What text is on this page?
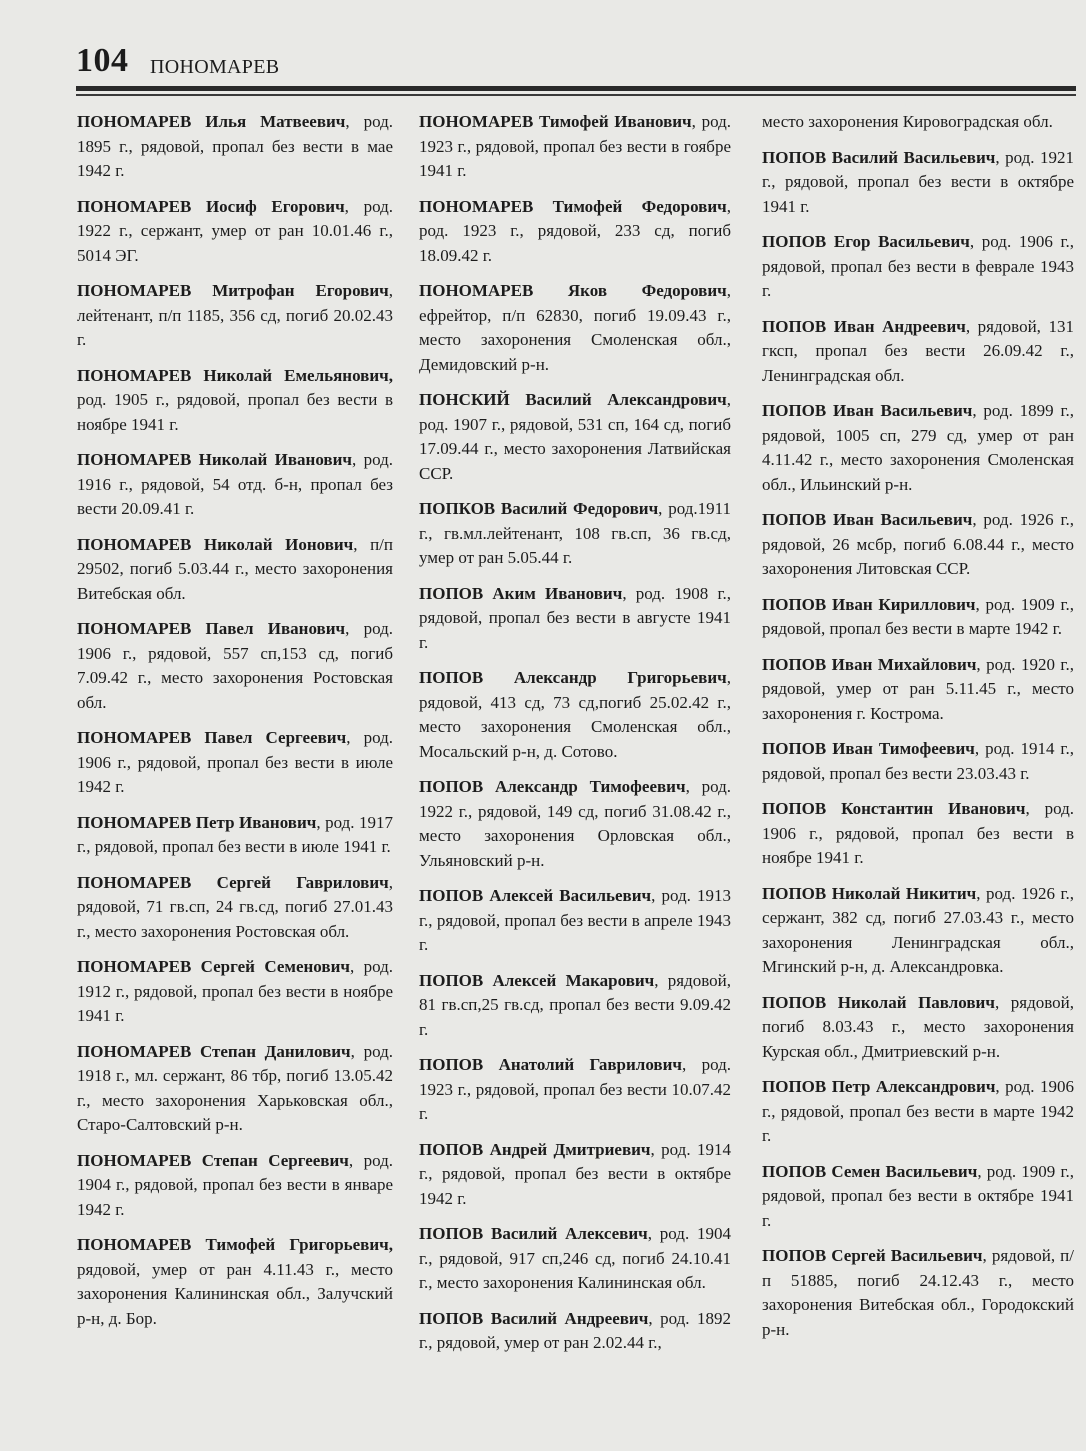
104 ПОНОМАРЕВ

ПОНОМАРЕВ Илья Матвеевич, род. 1895 г., рядовой, пропал без вести в мае 1942 г.

ПОНОМАРЕВ Иосиф Егорович, род. 1922 г., сержант, умер от ран 10.01.46 г., 5014 ЭГ.

ПОНОМАРЕВ Митрофан Егорович, лейтенант, п/п 1185, 356 сд, погиб 20.02.43 г.

ПОНОМАРЕВ Николай Емельянович, род. 1905 г., рядовой, пропал без вести в ноябре 1941 г.

ПОНОМАРЕВ Николай Иванович, род. 1916 г., рядовой, 54 отд. б-н, пропал без вести 20.09.41 г.

ПОНОМАРЕВ Николай Ионович, п/п 29502, погиб 5.03.44 г., место захоронения Витебская обл.

ПОНОМАРЕВ Павел Иванович, род. 1906 г., рядовой, 557 сп,153 сд, погиб 7.09.42 г., место захоронения Ростовская обл.

ПОНОМАРЕВ Павел Сергеевич, род. 1906 г., рядовой, пропал без вести в июле 1942 г.

ПОНОМАРЕВ Петр Иванович, род. 1917 г., рядовой, пропал без вести в июле 1941 г.

ПОНОМАРЕВ Сергей Гаврилович, рядовой, 71 гв.сп, 24 гв.сд, погиб 27.01.43 г., место захоронения Ростовская обл.

ПОНОМАРЕВ Сергей Семенович, род. 1912 г., рядовой, пропал без вести в ноябре 1941 г.

ПОНОМАРЕВ Степан Данилович, род. 1918 г., мл. сержант, 86 тбр, погиб 13.05.42 г., место захоронения Харьковская обл., Старо-Салтовский р-н.

ПОНОМАРЕВ Степан Сергеевич, род. 1904 г., рядовой, пропал без вести в январе 1942 г.

ПОНОМАРЕВ Тимофей Григорьевич, рядовой, умер от ран 4.11.43 г., место захоронения Калининская обл., Залучский р-н, д. Бор.

ПОНОМАРЕВ Тимофей Иванович, род. 1923 г., рядовой, пропал без вести в гоябре 1941 г.

ПОНОМАРЕВ Тимофей Федорович, род. 1923 г., рядовой, 233 сд, погиб 18.09.42 г.

ПОНОМАРЕВ Яков Федорович, ефрейтор, п/п 62830, погиб 19.09.43 г., место захоронения Смоленская обл., Демидовский р-н.

ПОНСКИЙ Василий Александрович, род. 1907 г., рядовой, 531 сп, 164 сд, погиб 17.09.44 г., место захоронения Латвийская ССР.

ПОПКОВ Василий Федорович, род.1911 г., гв.мл.лейтенант, 108 гв.сп, 36 гв.сд, умер от ран 5.05.44 г.

ПОПОВ Аким Иванович, род. 1908 г., рядовой, пропал без вести в августе 1941 г.

ПОПОВ Александр Григорьевич, рядовой, 413 сд, 73 сд,погиб 25.02.42 г., место захоронения Смоленская обл., Мосальский р-н, д. Сотово.

ПОПОВ Александр Тимофеевич, род. 1922 г., рядовой, 149 сд, погиб 31.08.42 г., место захоронения Орловская обл., Ульяновский р-н.

ПОПОВ Алексей Васильевич, род. 1913 г., рядовой, пропал без вести в апреле 1943 г.

ПОПОВ Алексей Макарович, рядовой, 81 гв.сп,25 гв.сд, пропал без вести 9.09.42 г.

ПОПОВ Анатолий Гаврилович, род. 1923 г., рядовой, пропал без вести 10.07.42 г.

ПОПОВ Андрей Дмитриевич, род. 1914 г., рядовой, пропал без вести в октябре 1942 г.

ПОПОВ Василий Алексевич, род. 1904 г., рядовой, 917 сп,246 сд, погиб 24.10.41 г., место захоронения Калининская обл.

ПОПОВ Василий Андреевич, род. 1892 г., рядовой, умер от ран 2.02.44 г.,

место захоронения Кировоградская обл.

ПОПОВ Василий Васильевич, род. 1921 г., рядовой, пропал без вести в октябре 1941 г.

ПОПОВ Егор Васильевич, род. 1906 г., рядовой, пропал без вести в феврале 1943 г.

ПОПОВ Иван Андреевич, рядовой, 131 гксп, пропал без вести 26.09.42 г., Ленинградская обл.

ПОПОВ Иван Васильевич, род. 1899 г., рядовой, 1005 сп, 279 сд, умер от ран 4.11.42 г., место захоронения Смоленская обл., Ильинский р-н.

ПОПОВ Иван Васильевич, род. 1926 г., рядовой, 26 мсбр, погиб 6.08.44 г., место захоронения Литовская ССР.

ПОПОВ Иван Кириллович, род. 1909 г., рядовой, пропал без вести в марте 1942 г.

ПОПОВ Иван Михайлович, род. 1920 г., рядовой, умер от ран 5.11.45 г., место захоронения г. Кострома.

ПОПОВ Иван Тимофеевич, род. 1914 г., рядовой, пропал без вести 23.03.43 г.

ПОПОВ Константин Иванович, род. 1906 г., рядовой, пропал без вести в ноябре 1941 г.

ПОПОВ Николай Никитич, род. 1926 г., сержант, 382 сд, погиб 27.03.43 г., место захоронения Ленинградская обл., Мгинский р-н, д. Александровка.

ПОПОВ Николай Павлович, рядовой, погиб 8.03.43 г., место захоронения Курская обл., Дмитриевский р-н.

ПОПОВ Петр Александрович, род. 1906 г., рядовой, пропал без вести в марте 1942 г.

ПОПОВ Семен Васильевич, род. 1909 г., рядовой, пропал без вести в октябре 1941 г.

ПОПОВ Сергей Васильевич, рядовой, п/п 51885, погиб 24.12.43 г., место захоронения Витебская обл., Городокский р-н.
